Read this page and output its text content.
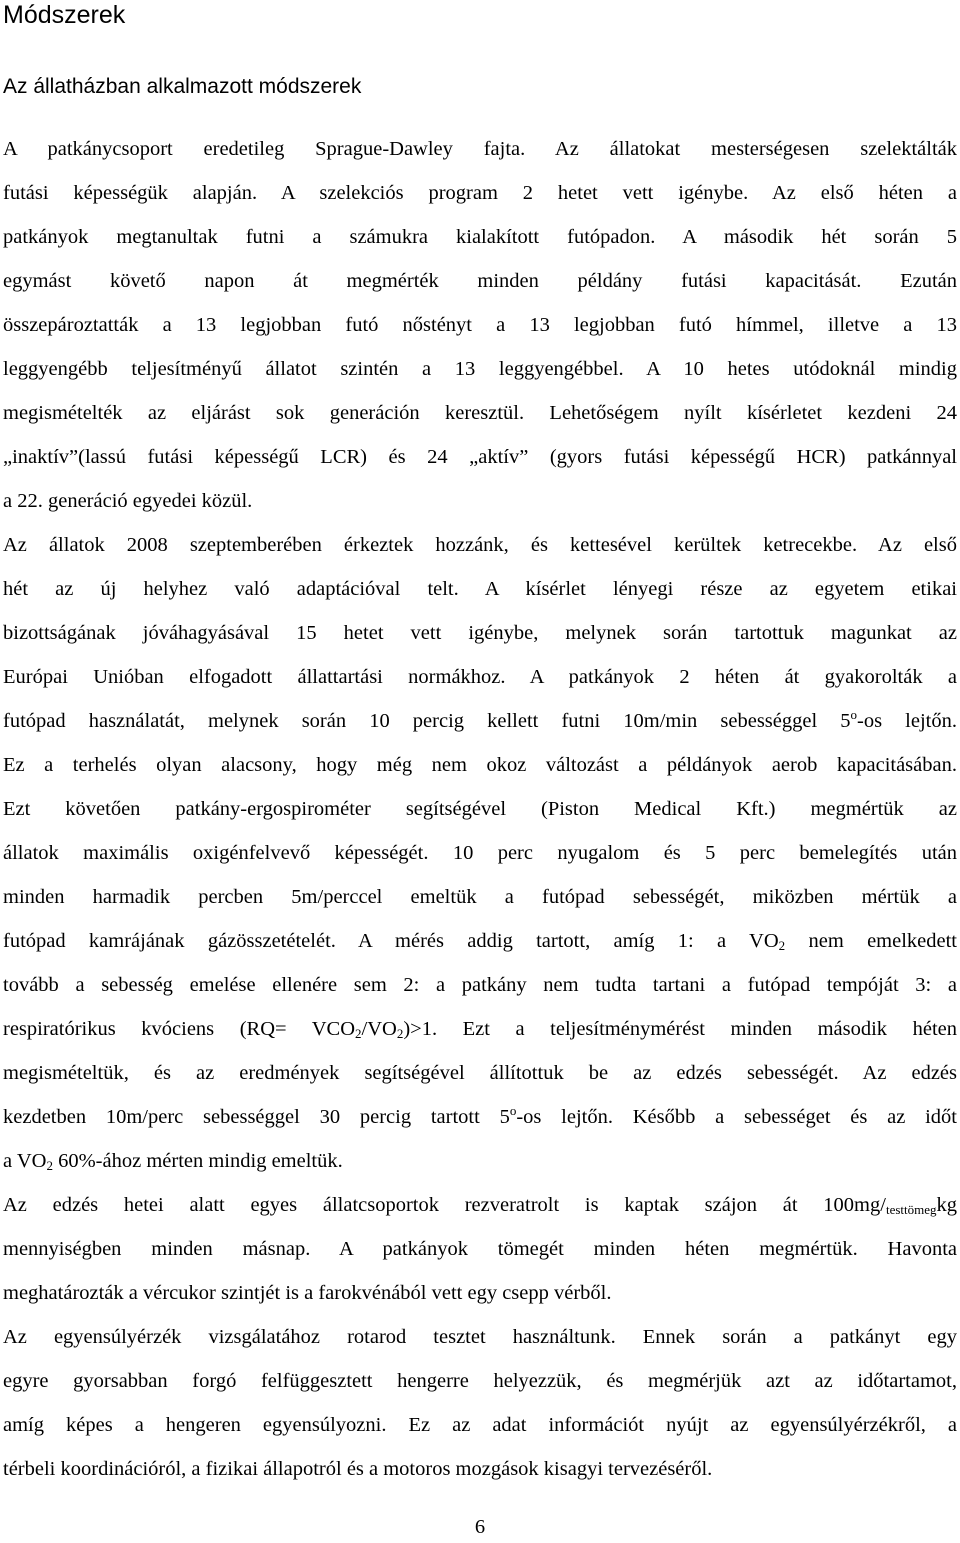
Módszerek
Az állatházban alkalmazott módszerek
A patkánycsoport eredetileg Sprague-Dawley fajta. Az állatokat mesterségesen szelektálták
futási képességük alapján. A szelekciós program 2 hetet vett igénybe. Az első héten a
patkányok megtanultak futni a számukra kialakított futópadon. A második hét során 5
egymást követő napon át megmérték minden példány futási kapacitását. Ezután
összepároztatták a 13 legjobban futó nőstényt a 13 legjobban futó hímmel, illetve a 13
leggyengébb teljesítményű állatot szintén a 13 leggyengébbel. A 10 hetes utódoknál mindig
megismételték az eljárást sok generáción keresztül. Lehetőségem nyílt kísérletet kezdeni 24
„inaktív”(lassú futási képességű LCR) és 24 „aktív” (gyors futási képességű HCR) patkánnyal
a 22. generáció egyedei közül.
Az állatok 2008 szeptemberében érkeztek hozzánk, és kettesével kerültek ketrecekbe. Az első
hét az új helyhez való adaptációval telt. A kísérlet lényegi része az egyetem etikai
bizottságának jóváhagyásával 15 hetet vett igénybe, melynek során tartottuk magunkat az
Európai Unióban elfogadott állattartási normákhoz. A patkányok 2 héten át gyakorolták a
futópad használatát, melynek során 10 percig kellett futni 10m/min sebességgel 5$^o$-os lejtőn.
Ez a terhelés olyan alacsony, hogy még nem okoz változást a példányok aerob kapacitásában.
Ezt követően patkány-ergospirométer segítségével (Piston Medical Kft.) megmértük az
állatok maximális oxigénfelvevő képességét. 10 perc nyugalom és 5 perc bemelegítés után
minden harmadik percben 5m/perccel emeltük a futópad sebességét, miközben mértük a
futópad kamrájának gázösszetételét. A mérés addig tartott, amíg 1: a $VO_2$ nem emelkedett
tovább a sebesség emelése ellenére sem 2: a patkány nem tudta tartani a futópad tempóját 3: a
respiratórikus kvóciens $(RQ= VCO_2/VO_2)>1$. Ezt a teljesítménymérést minden második héten
megismételtük, és az eredmények segítségével állítottuk be az edzés sebességét. Az edzés
kezdetben 10m/perc sebességgel 30 percig tartott 5$^o$-os lejtőn. Később a sebességet és az időt
a $VO_2$ 60%-ához mérten mindig emeltük.
Az edzés hetei alatt egyes állatcsoportok rezveratrolt is kaptak szájon át $100mg/_{testtömeg}kg$
mennyiségben minden másnap. A patkányok tömegét minden héten megmértük. Havonta
meghatározták a vércukor szintjét is a farokvénából vett egy csepp vérből.
Az egyensúlyérzék vizsgálatához rotarod tesztet használtunk. Ennek során a patkányt egy
egyre gyorsabban forgó felfüggesztett hengerre helyezzük, és megmérjük azt az időtartamot,
amíg képes a hengeren egyensúlyozni. Ez az adat információt nyújt az egyensúlyérzékről, a
térbeli koordinációról, a fizikai állapotról és a motoros mozgások kisagyi tervezéséről.
6
